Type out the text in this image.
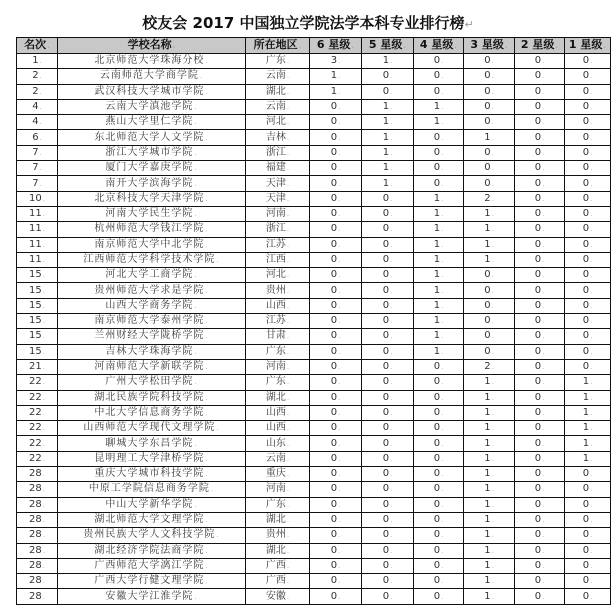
校友会 2017 中国独立学院法学本科专业排行榜↵
名次.	学校名称.	所在地区.	6 星级.	5 星级.	4 星级.	3 星级.	2 星级.	1 星级.
1.	北京师范大学珠海分校.	广东.	3.	1.	0.	0.	0.	0.
2.	云南师范大学商学院.	云南.	1.	0.	0.	0.	0.	0.
2.	武汉科技大学城市学院.	湖北.	1.	0.	0.	0.	0.	0.
4.	云南大学滇池学院.	云南.	0.	1.	1.	0.	0.	0.
4.	燕山大学里仁学院.	河北.	0.	1.	1.	0.	0.	0.
6.	东北师范大学人文学院.	吉林.	0.	1.	0.	1.	0.	0.
7.	浙江大学城市学院.	浙江.	0.	1.	0.	0.	0.	0.
7.	厦门大学嘉庚学院.	福建.	0.	1.	0.	0.	0.	0.
7.	南开大学滨海学院.	天津.	0.	1.	0.	0.	0.	0.
10.	北京科技大学天津学院.	天津.	0.	0.	1.	2.	0.	0.
11.	河南大学民生学院.	河南.	0.	0.	1.	1.	0.	0.
11.	杭州师范大学钱江学院.	浙江.	0.	0.	1.	1.	0.	0.
11.	南京师范大学中北学院.	江苏.	0.	0.	1.	1.	0.	0.
11.	江西师范大学科学技术学院.	江西.	0.	0.	1.	1.	0.	0.
15.	河北大学工商学院.	河北.	0.	0.	1.	0.	0.	0.
15.	贵州师范大学求是学院.	贵州.	0.	0.	1.	0.	0.	0.
15.	山西大学商务学院.	山西.	0.	0.	1.	0.	0.	0.
15.	南京师范大学泰州学院.	江苏.	0.	0.	1.	0.	0.	0.
15.	兰州财经大学陇桥学院.	甘肃.	0.	0.	1.	0.	0.	0.
15.	吉林大学珠海学院.	广东.	0.	0.	1.	0.	0.	0.
21.	河南师范大学新联学院.	河南.	0.	0.	0.	2.	0.	0.
22.	广州大学松田学院.	广东.	0.	0.	0.	1.	0.	1.
22.	湖北民族学院科技学院.	湖北.	0.	0.	0.	1.	0.	1.
22.	中北大学信息商务学院.	山西.	0.	0.	0.	1.	0.	1.
22.	山西师范大学现代文理学院.	山西.	0.	0.	0.	1.	0.	1.
22.	聊城大学东昌学院.	山东.	0.	0.	0.	1.	0.	1.
22.	昆明理工大学津桥学院.	云南.	0.	0.	0.	1.	0.	1.
28.	重庆大学城市科技学院.	重庆.	0.	0.	0.	1.	0.	0.
28.	中原工学院信息商务学院.	河南.	0.	0.	0.	1.	0.	0.
28.	中山大学新华学院.	广东.	0.	0.	0.	1.	0.	0.
28.	湖北师范大学文理学院.	湖北.	0.	0.	0.	1.	0.	0.
28.	贵州民族大学人文科技学院.	贵州.	0.	0.	0.	1.	0.	0.
28.	湖北经济学院法商学院.	湖北.	0.	0.	0.	1.	0.	0.
28.	广西师范大学漓江学院.	广西.	0.	0.	0.	1.	0.	0.
28.	广西大学行健文理学院.	广西.	0.	0.	0.	1.	0.	0.
28.	安徽大学江淮学院.	安徽.	0.	0.	0.	1.	0.	0.
